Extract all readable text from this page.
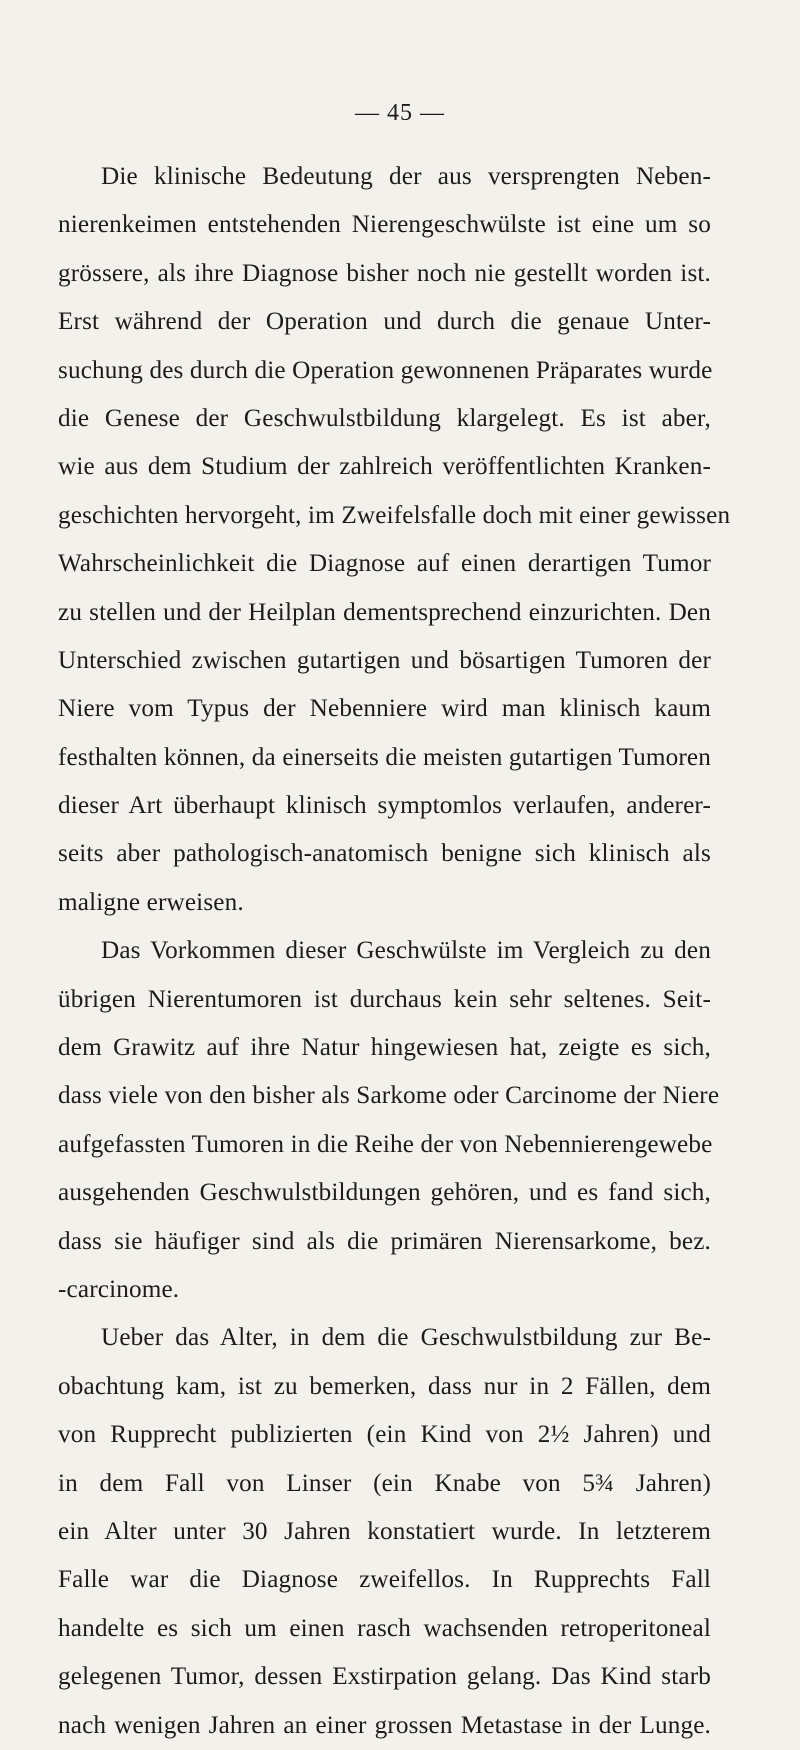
— 45 —
Die klinische Bedeutung der aus versprengten Neben-
nierenkeimen entstehenden Nierengeschwülste ist eine um so
grössere, als ihre Diagnose bisher noch nie gestellt worden ist.
Erst während der Operation und durch die genaue Unter-
suchung des durch die Operation gewonnenen Präparates wurde
die Genese der Geschwulstbildung klargelegt. Es ist aber,
wie aus dem Studium der zahlreich veröffentlichten Kranken-
geschichten hervorgeht, im Zweifelsfalle doch mit einer gewissen
Wahrscheinlichkeit die Diagnose auf einen derartigen Tumor
zu stellen und der Heilplan dementsprechend einzurichten. Den
Unterschied zwischen gutartigen und bösartigen Tumoren der
Niere vom Typus der Nebenniere wird man klinisch kaum
festhalten können, da einerseits die meisten gutartigen Tumoren
dieser Art überhaupt klinisch symptomlos verlaufen, anderer-
seits aber pathologisch-anatomisch benigne sich klinisch als
maligne erweisen.
Das Vorkommen dieser Geschwülste im Vergleich zu den
übrigen Nierentumoren ist durchaus kein sehr seltenes. Seit-
dem Grawitz auf ihre Natur hingewiesen hat, zeigte es sich,
dass viele von den bisher als Sarkome oder Carcinome der Niere
aufgefassten Tumoren in die Reihe der von Nebennierengewebe
ausgehenden Geschwulstbildungen gehören, und es fand sich,
dass sie häufiger sind als die primären Nierensarkome, bez.
-carcinome.
Ueber das Alter, in dem die Geschwulstbildung zur Be-
obachtung kam, ist zu bemerken, dass nur in 2 Fällen, dem
von Rupprecht publizierten (ein Kind von 2½ Jahren) und
in dem Fall von Linser (ein Knabe von 5¾ Jahren)
ein Alter unter 30 Jahren konstatiert wurde. In letzterem
Falle war die Diagnose zweifellos. In Rupprechts Fall
handelte es sich um einen rasch wachsenden retroperitoneal
gelegenen Tumor, dessen Exstirpation gelang. Das Kind starb
nach wenigen Jahren an einer grossen Metastase in der Lunge.
